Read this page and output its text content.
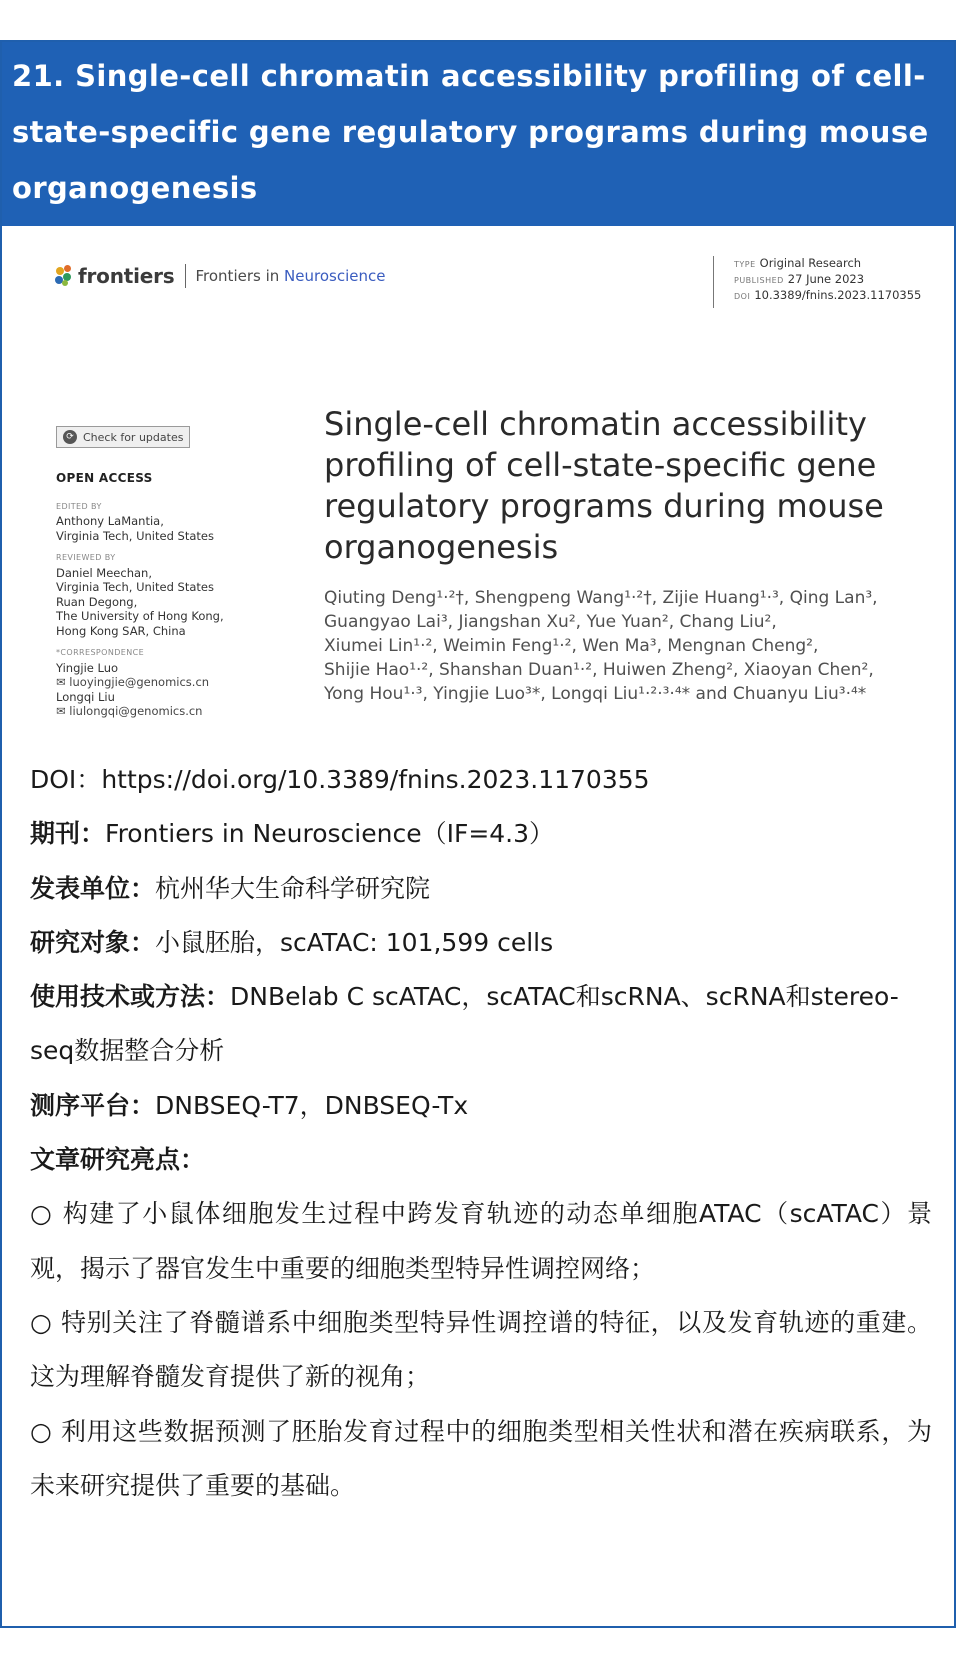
21. Single-cell chromatin accessibility profiling of cell-state-specific gene regulatory programs during mouse organogenesis
frontiers Frontiers in Neuroscience
TYPE Original Research
PUBLISHED 27 June 2023
DOI 10.3389/fnins.2023.1170355
⟳ Check for updates
OPEN ACCESS
EDITED BY
Anthony LaMantia,
Virginia Tech, United States
REVIEWED BY
Daniel Meechan,
Virginia Tech, United States
Ruan Degong,
The University of Hong Kong,
Hong Kong SAR, China
*CORRESPONDENCE
Yingjie Luo
✉ luoyingjie@genomics.cn
Longqi Liu
✉ liulongqi@genomics.cn
Single-cell chromatin accessibility profiling of cell-state-specific gene regulatory programs during mouse organogenesis
Qiuting Deng¹·²†, Shengpeng Wang¹·²†, Zijie Huang¹·³, Qing Lan³,
Guangyao Lai³, Jiangshan Xu², Yue Yuan², Chang Liu²,
Xiumei Lin¹·², Weimin Feng¹·², Wen Ma³, Mengnan Cheng²,
Shijie Hao¹·², Shanshan Duan¹·², Huiwen Zheng², Xiaoyan Chen²,
Yong Hou¹·³, Yingjie Luo³*, Longqi Liu¹·²·³·⁴* and Chuanyu Liu³·⁴*

DOI：https://doi.org/10.3389/fnins.2023.1170355

期刊：Frontiers in Neuroscience（IF=4.3）

发表单位：杭州华大生命科学研究院

研究对象：小鼠胚胎，scATAC: 101,599 cells

使用技术或方法：DNBelab C scATAC，scATAC和scRNA、scRNA和stereo-seq数据整合分析

测序平台：DNBSEQ-T7，DNBSEQ-Tx

文章研究亮点：

○ 构建了小鼠体细胞发生过程中跨发育轨迹的动态单细胞ATAC（scATAC）景观，揭示了器官发生中重要的细胞类型特异性调控网络；

○ 特别关注了脊髓谱系中细胞类型特异性调控谱的特征，以及发育轨迹的重建。这为理解脊髓发育提供了新的视角；

○ 利用这些数据预测了胚胎发育过程中的细胞类型相关性状和潜在疾病联系，为未来研究提供了重要的基础。
